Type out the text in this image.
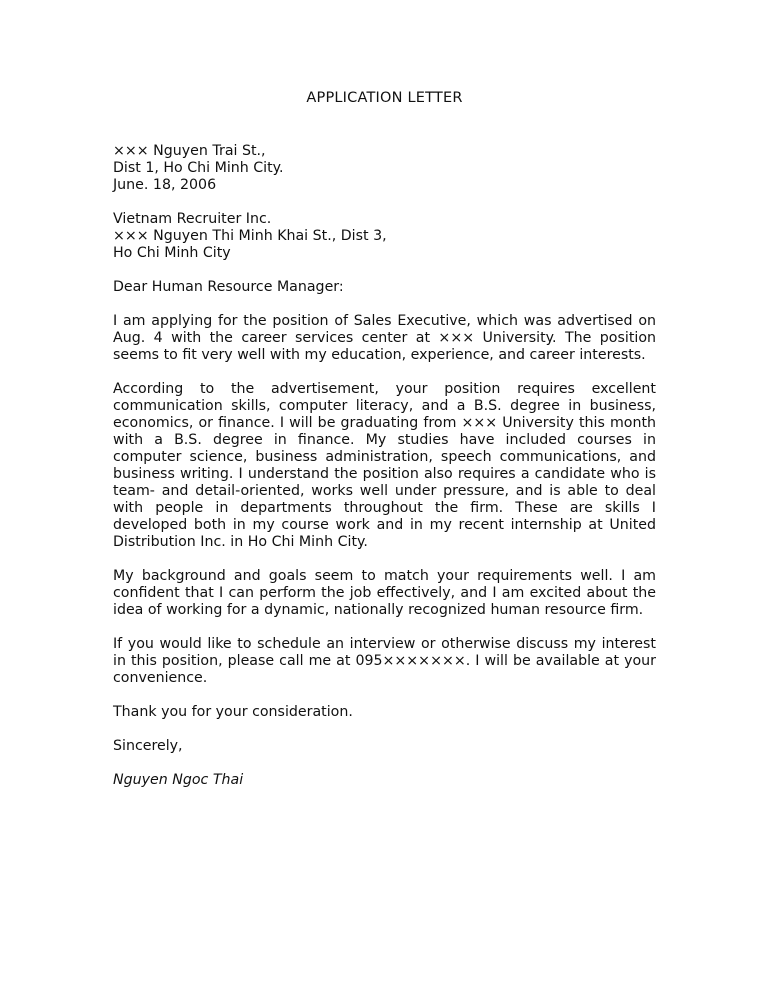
APPLICATION LETTER
××× Nguyen Trai St.,
Dist 1, Ho Chi Minh City.
June. 18, 2006
Vietnam Recruiter Inc.
××× Nguyen Thi Minh Khai St., Dist 3,
Ho Chi Minh City
Dear Human Resource Manager:

I am applying for the position of Sales Executive, which was advertised on Aug. 4 with the career services center at ××× University. The position seems to fit very well with my education, experience, and career interests.

According to the advertisement, your position requires excellent communication skills, computer literacy, and a B.S. degree in business, economics, or finance. I will be graduating from ××× University this month with a B.S. degree in finance. My studies have included courses in computer science, business administration, speech communications, and business writing. I understand the position also requires a candidate who is team- and detail-oriented, works well under pressure, and is able to deal with people in departments throughout the firm. These are skills I developed both in my course work and in my recent internship at United Distribution Inc. in Ho Chi Minh City.

My background and goals seem to match your requirements well. I am confident that I can perform the job effectively, and I am excited about the idea of working for a dynamic, nationally recognized human resource firm.

If you would like to schedule an interview or otherwise discuss my interest in this position, please call me at 095×××××××. I will be available at your convenience.

Thank you for your consideration.

Sincerely,
Nguyen Ngoc Thai
